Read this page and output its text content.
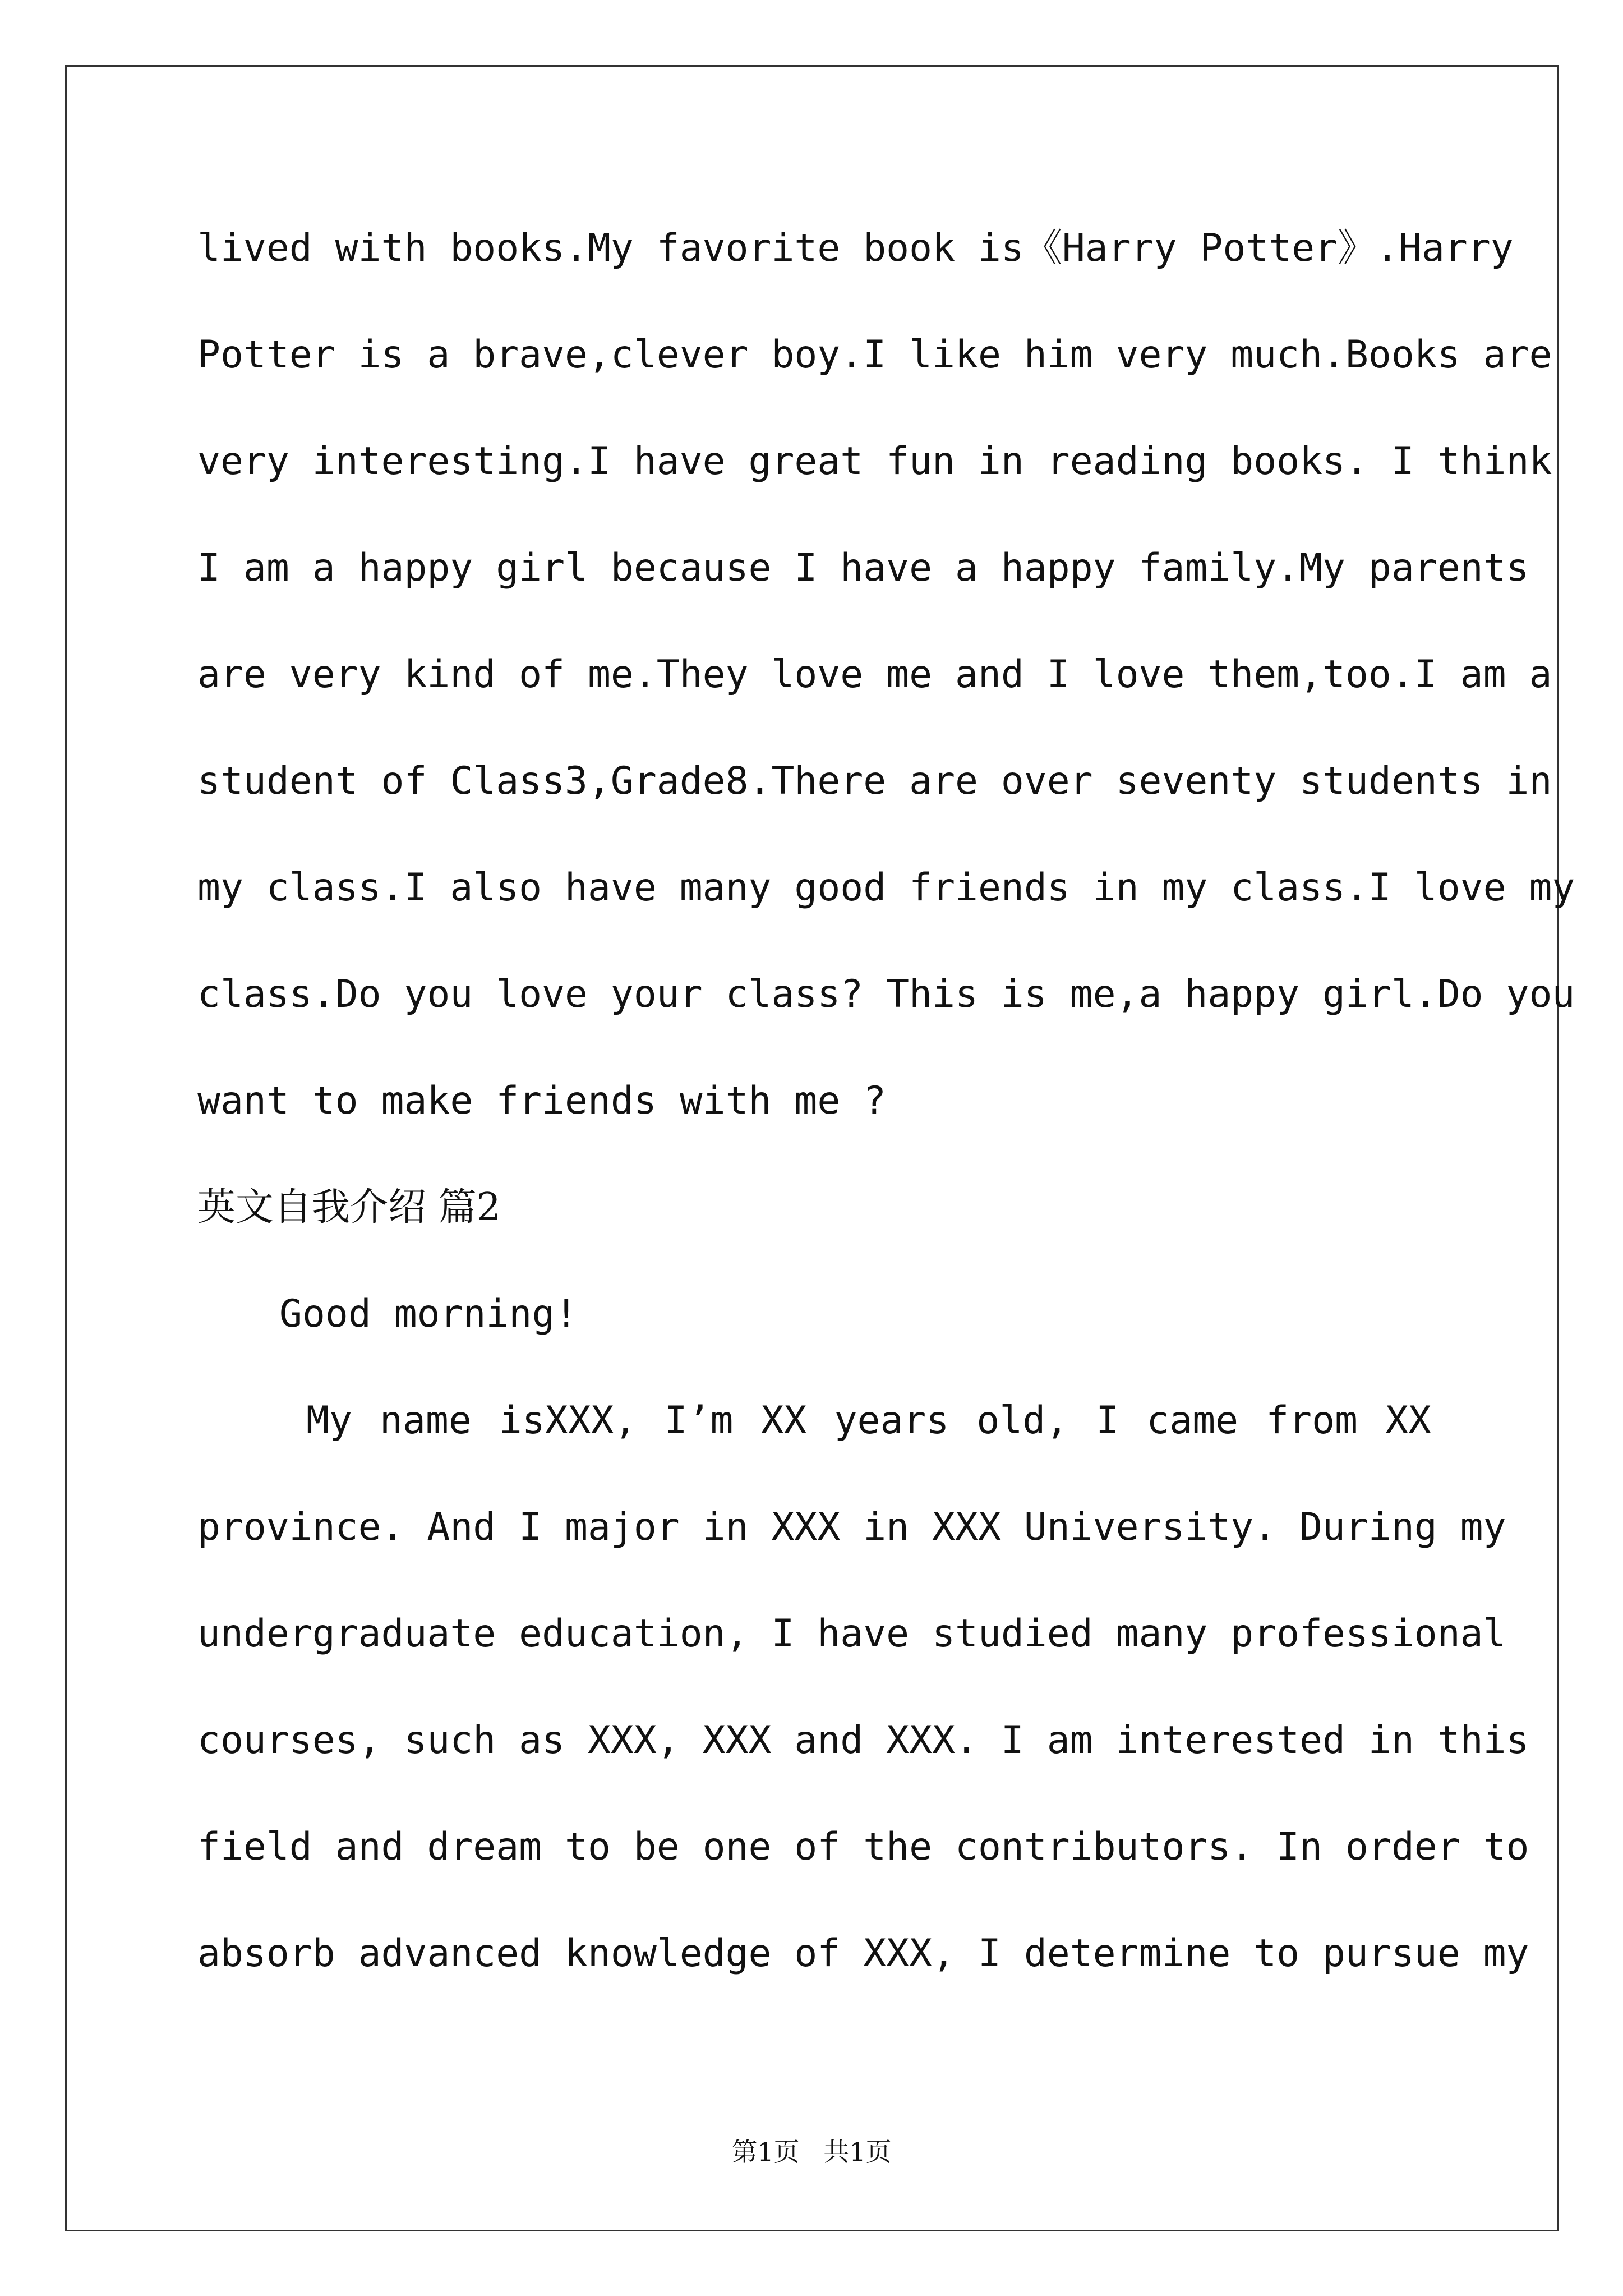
lived with books.My favorite book is《Harry Potter》.Harry
Potter is a brave,clever boy.I like him very much.Books are
very interesting.I have great fun in reading books. I think
I am a happy girl because I have a happy family.My parents
are very kind of me.They love me and I love them,too.I am a
student of Class3,Grade8.There are over seventy students in
my class.I also have many good friends in my class.I love my
class.Do you love your class? This is me,a happy girl.Do you
want to make friends with me ?
英文自我介绍 篇2
Good morning!
My name isXXX, I’m XX years old, I came from XX
province. And I major in XXX in XXX University. During my
undergraduate education, I have studied many professional
courses, such as XXX, XXX and XXX. I am interested in this
field and dream to be one of the contributors. In order to
absorb advanced knowledge of XXX, I determine to pursue my
第1页 共1页
